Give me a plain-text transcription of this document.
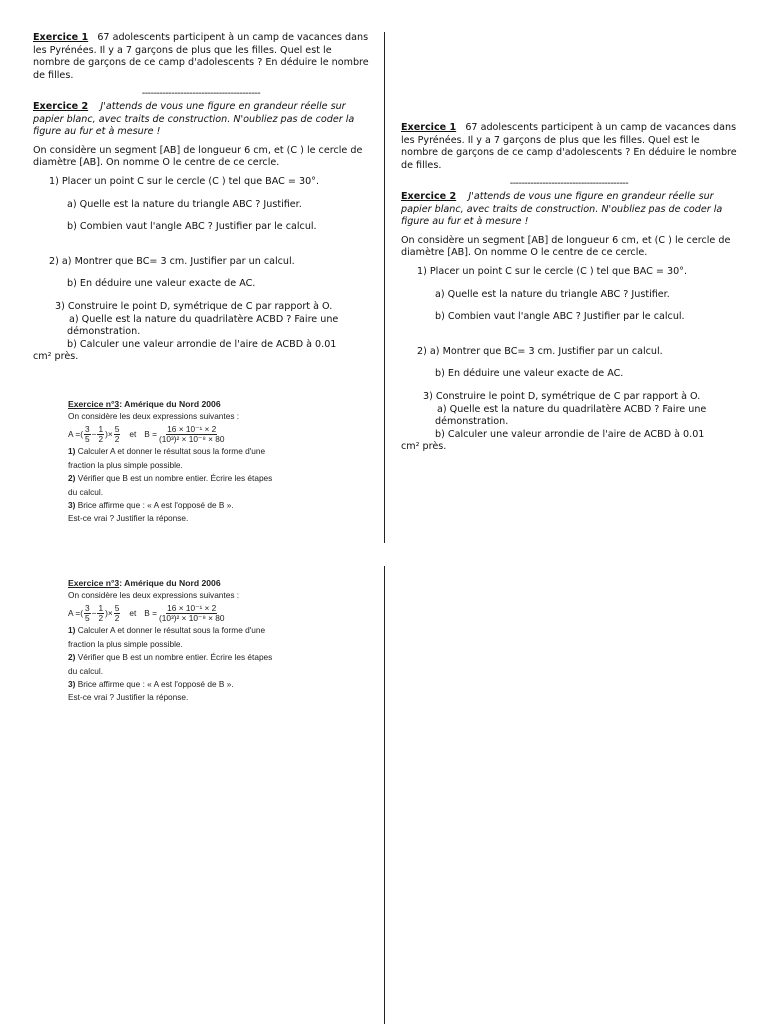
Exercice 1 67 adolescents participent à un camp de vacances dans les Pyrénées. Il y a 7 garçons de plus que les filles. Quel est le nombre de garçons de ce camp d'adolescents ? En déduire le nombre de filles.

----------------------------------------

Exercice 2 J'attends de vous une figure en grandeur réelle sur papier blanc, avec traits de construction. N'oubliez pas de coder la figure au fur et à mesure !

On considère un segment [AB] de longueur 6 cm, et (C ) le cercle de diamètre [AB]. On nomme O le centre de ce cercle.

1) Placer un point C sur le cercle (C ) tel que BAC = 30°.
a) Quelle est la nature du triangle ABC ? Justifier.
b) Combien vaut l'angle ABC ? Justifier par le calcul.
2) a) Montrer que BC= 3 cm. Justifier par un calcul.
b) En déduire une valeur exacte de AC.
3) Construire le point D, symétrique de C par rapport à O.
a) Quelle est la nature du quadrilatère ACBD ? Faire une
démonstration.
b) Calculer une valeur arrondie de l'aire de ACBD à 0.01
cm² près.

Exercice 1 67 adolescents participent à un camp de vacances dans les Pyrénées. Il y a 7 garçons de plus que les filles. Quel est le nombre de garçons de ce camp d'adolescents ? En déduire le nombre de filles.

----------------------------------------

Exercice 2 J'attends de vous une figure en grandeur réelle sur papier blanc, avec traits de construction. N'oubliez pas de coder la figure au fur et à mesure !

On considère un segment [AB] de longueur 6 cm, et (C ) le cercle de diamètre [AB]. On nomme O le centre de ce cercle.

1) Placer un point C sur le cercle (C ) tel que BAC = 30°.
a) Quelle est la nature du triangle ABC ? Justifier.
b) Combien vaut l'angle ABC ? Justifier par le calcul.
2) a) Montrer que BC= 3 cm. Justifier par un calcul.
b) En déduire une valeur exacte de AC.
3) Construire le point D, symétrique de C par rapport à O.
a) Quelle est la nature du quadrilatère ACBD ? Faire une
démonstration.
b) Calculer une valeur arrondie de l'aire de ACBD à 0.01
cm² près.
Exercice n°3: Amérique du Nord 2006
On considère les deux expressions suivantes :
A = ( $\frac{3}{5} - \frac{1}{2}$ ) × $\frac{5}{2}$ et $B = \frac{\text{16 × 10⁻¹ × 2}}{\text{(10³)² × 10⁻⁸ × 80}}$
1) Calculer A et donner le résultat sous la forme d'une
fraction la plus simple possible.
2) Vérifier que B est un nombre entier. Écrire les étapes
du calcul.
3) Brice affirme que : « A est l'opposé de B ».
Est-ce vrai ? Justifier la réponse.
Exercice n°3: Amérique du Nord 2006
On considère les deux expressions suivantes :
A = ( $\frac{3}{5} - \frac{1}{2}$ ) × $\frac{5}{2}$ et $B = \frac{\text{16 × 10⁻¹ × 2}}{\text{(10³)² × 10⁻⁸ × 80}}$
1) Calculer A et donner le résultat sous la forme d'une
fraction la plus simple possible.
2) Vérifier que B est un nombre entier. Écrire les étapes
du calcul.
3) Brice affirme que : « A est l'opposé de B ».
Est-ce vrai ? Justifier la réponse.
